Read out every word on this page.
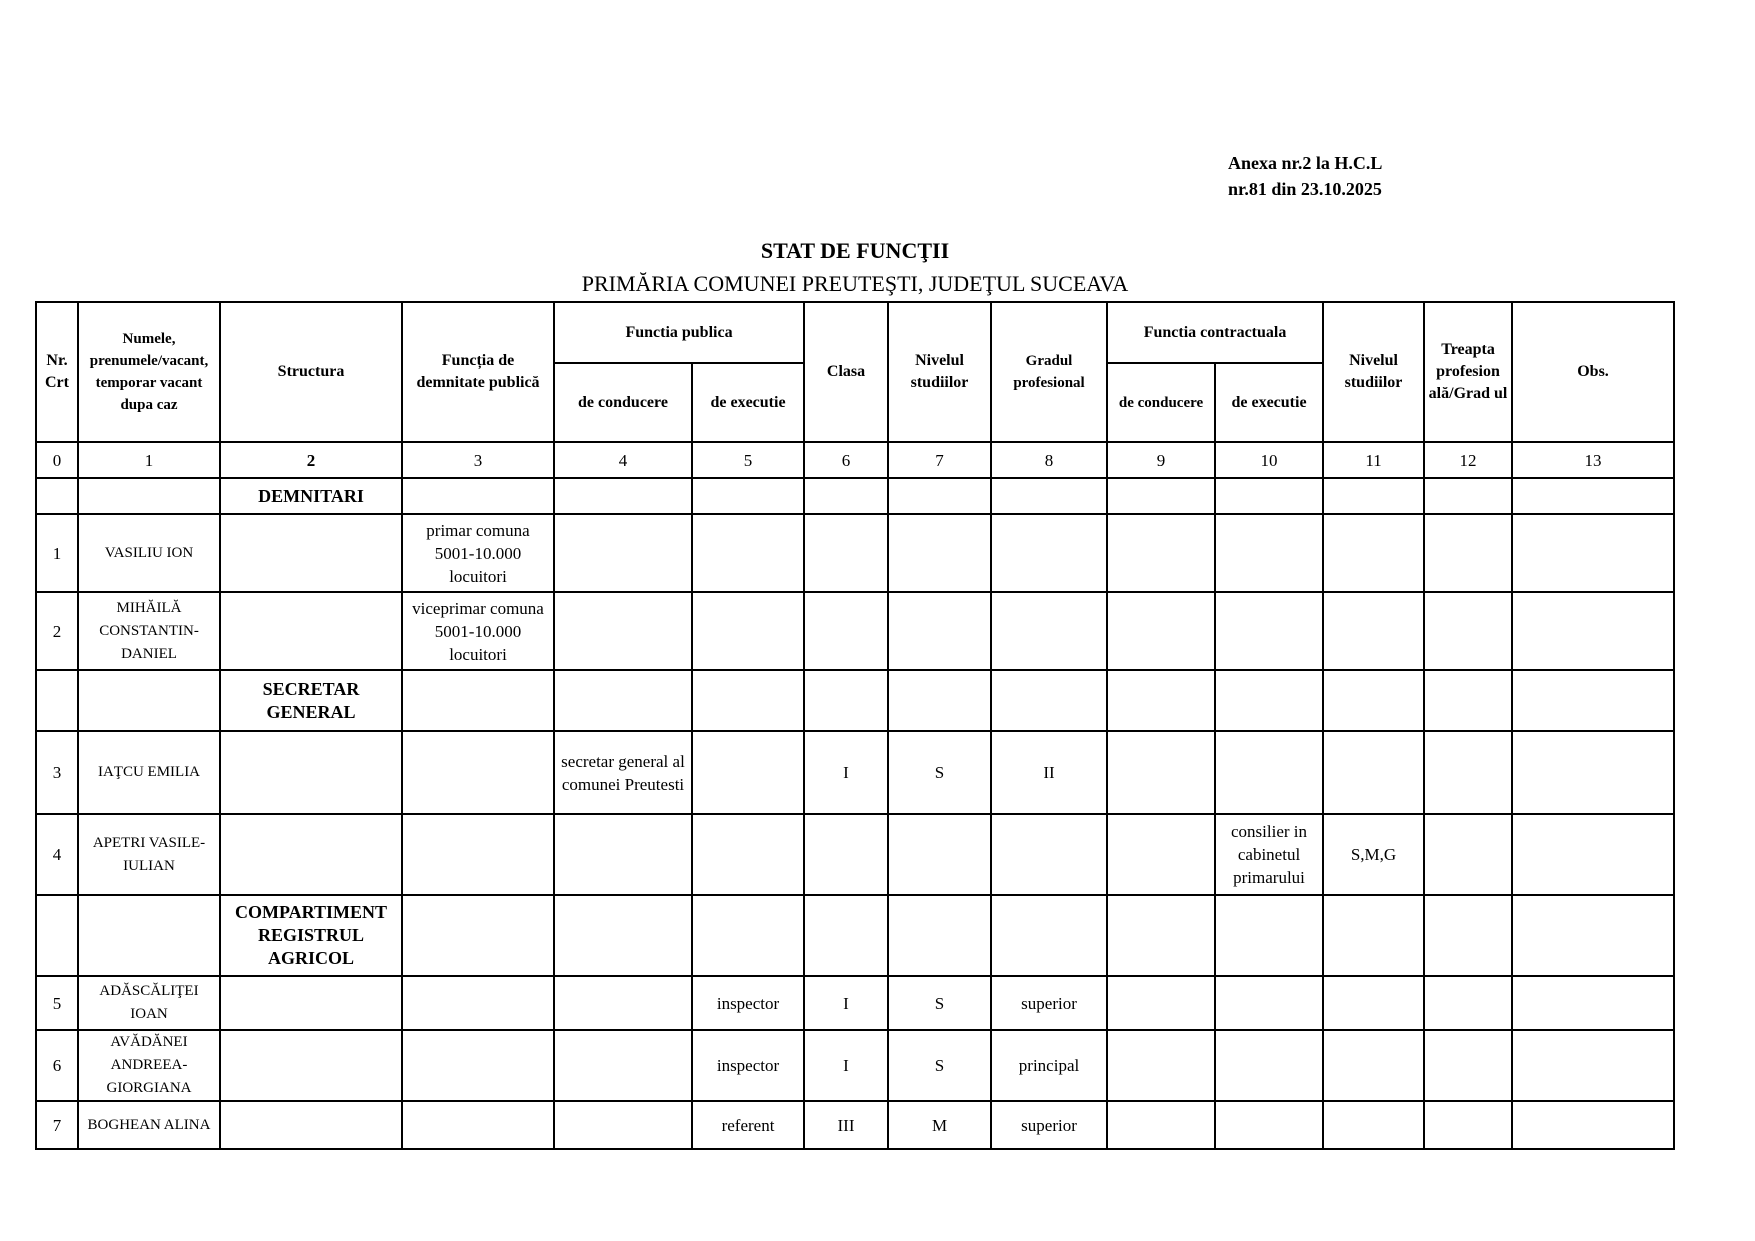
Anexa nr.2 la H.C.L
nr.81 din 23.10.2025
STAT DE FUNCŢII
PRIMĂRIA COMUNEI PREUTEŞTI, JUDEŢUL SUCEAVA
Nr. Crt	Numele, prenumele/vacant, temporar vacant dupa caz	Structura	Funcția de demnitate publică	Functia publica		Clasa	Nivelul studiilor	Gradul profesional	Functia contractuala		Nivelul studiilor	Treapta profesion ală/Grad ul	Obs.
				de conducere	de executie				de conducere	de executie			
0	1	2	3	4	5	6	7	8	9	10	11	12	13
		DEMNITARI											
1	VASILIU ION		primar comuna 5001-10.000 locuitori										
2	MIHĂILĂ CONSTANTIN-DANIEL		viceprimar comuna 5001-10.000 locuitori										
		SECRETAR GENERAL											
3	IAŢCU EMILIA			secretar general al comunei Preutesti		I	S	II					
4	APETRI VASILE-IULIAN									consilier in cabinetul primarului	S,M,G		
		COMPARTIMENT REGISTRUL AGRICOL											
5	ADĂSCĂLIŢEI IOAN				inspector	I	S	superior					
6	AVĂDĂNEI ANDREEA-GIORGIANA				inspector	I	S	principal					
7	BOGHEAN ALINA				referent	III	M	superior					
